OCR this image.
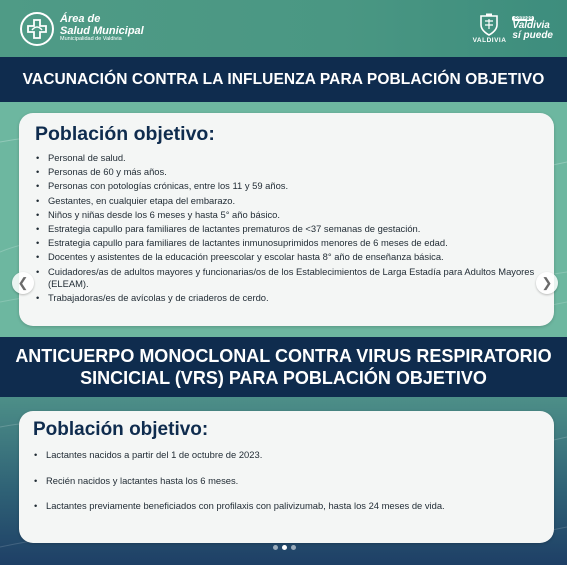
Área de
Salud Municipal
Municipalidad de Valdivia	VALDIVIA
contigo
Valdivia
sí puede
VACUNACIÓN CONTRA LA INFLUENZA PARA POBLACIÓN OBJETIVO
Población objetivo:
• Personal de salud.
• Personas de 60 y más años.
• Personas con potologías crónicas, entre los 11 y 59 años.
• Gestantes, en cualquier etapa del embarazo.
• Niños y niñas desde los 6 meses y hasta 5° año básico.
• Estrategia capullo para familiares de lactantes prematuros de <37 semanas de gestación.
• Estrategia capullo para familiares de lactantes inmunosuprimidos menores de 6 meses de edad.
• Docentes y asistentes de la educación preescolar y escolar hasta 8° año de enseñanza básica.
• Cuidadores/as de adultos mayores y funcionarias/os de los Establecimientos de Larga Estadía para Adultos Mayores (ELEAM).
• Trabajadoras/es de avícolas y de criaderos de cerdo.
❮	❯
ANTICUERPO MONOCLONAL CONTRA VIRUS RESPIRATORIO
SINCICIAL (VRS) PARA POBLACIÓN OBJETIVO
Población objetivo:
• Lactantes nacidos a partir del 1 de octubre de 2023.
• Recién nacidos y lactantes hasta los 6 meses.
• Lactantes previamente beneficiados con profilaxis con palivizumab, hasta los 24 meses de vida.
